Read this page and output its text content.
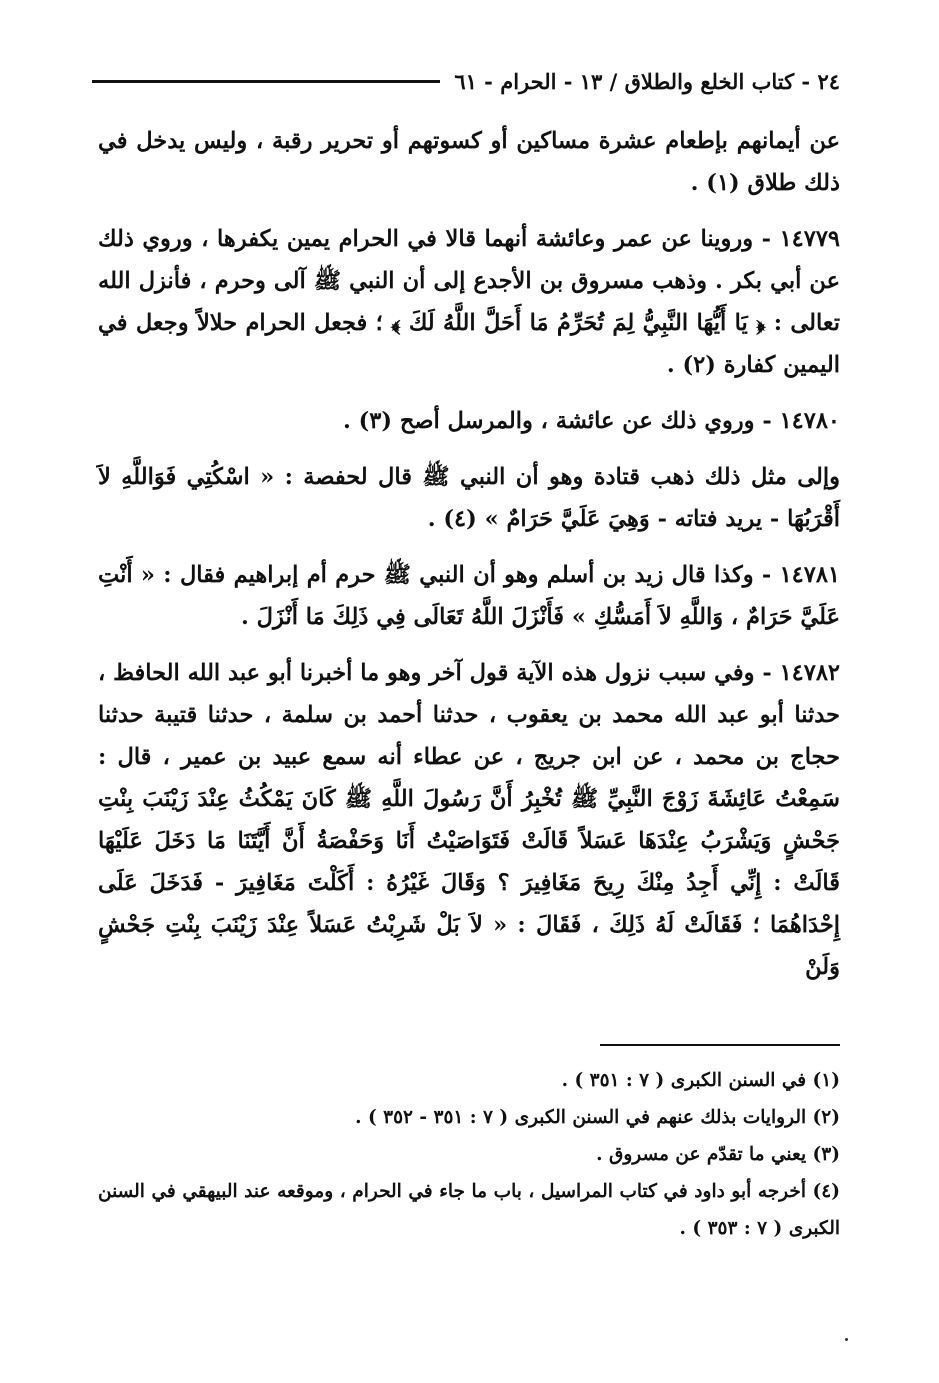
٢٤ - كتاب الخلع والطلاق / ١٣ - الحرام - ٦١

عن أيمانهم بإطعام عشرة مساكين أو كسوتهم أو تحرير رقبة ، وليس يدخل في ذلك طلاق (١) .

١٤٧٧٩ - وروينا عن عمر وعائشة أنهما قالا في الحرام يمين يكفرها ، وروي ذلك عن أبي بكر . وذهب مسروق بن الأجدع إلى أن النبي ﷺ آلى وحرم ، فأنزل الله تعالى : ﴿ يَا أَيُّهَا النَّبِيُّ لِمَ تُحَرِّمُ مَا أَحَلَّ اللَّهُ لَكَ ﴾ ؛ فجعل الحرام حلالاً وجعل في اليمين كفارة (٢) .

١٤٧٨٠ - وروي ذلك عن عائشة ، والمرسل أصح (٣) .

وإلى مثل ذلك ذهب قتادة وهو أن النبي ﷺ قال لحفصة : « اسْكُتِي فَوَاللَّهِ لاَ أَقْرَبُهَا - يريد فتاته - وَهِيَ عَلَيَّ حَرَامٌ » (٤) .

١٤٧٨١ - وكذا قال زيد بن أسلم وهو أن النبي ﷺ حرم أم إبراهيم فقال : « أَنْتِ عَلَيَّ حَرَامٌ ، وَاللَّهِ لاَ أَمَسُّكِ » فَأَنْزَلَ اللَّهُ تَعَالَى فِي ذَلِكَ مَا أَنْزَلَ .

١٤٧٨٢ - وفي سبب نزول هذه الآية قول آخر وهو ما أخبرنا أبو عبد الله الحافظ ، حدثنا أبو عبد الله محمد بن يعقوب ، حدثنا أحمد بن سلمة ، حدثنا قتيبة حدثنا حجاج بن محمد ، عن ابن جريج ، عن عطاء أنه سمع عبيد بن عمير ، قال : سَمِعْتُ عَائِشَةَ زَوْجَ النَّبِيِّ ﷺ تُخْبِرُ أَنَّ رَسُولَ اللَّهِ ﷺ كَانَ يَمْكُثُ عِنْدَ زَيْنَبَ بِنْتِ جَحْشٍ وَيَشْرَبُ عِنْدَهَا عَسَلاً قَالَتْ فَتَوَاصَيْتُ أَنَا وَحَفْصَةُ أَنَّ أَيَّتَنَا مَا دَخَلَ عَلَيْهَا قَالَتْ : إِنِّي أَجِدُ مِنْكَ رِيحَ مَغَافِيرَ ؟ وَقَالَ غَيْرُهُ : أَكَلْتَ مَغَافِيرَ - فَدَخَلَ عَلَى إِحْدَاهُمَا ؛ فَقَالَتْ لَهُ ذَلِكَ ، فَقَالَ : « لاَ بَلْ شَرِبْتُ عَسَلاً عِنْدَ زَيْنَبَ بِنْتِ جَحْشٍ وَلَنْ

(١) في السنن الكبرى ( ٧ : ٣٥١ ) .

(٢) الروايات بذلك عنهم في السنن الكبرى ( ٧ : ٣٥١ - ٣٥٢ ) .

(٣) يعني ما تقدّم عن مسروق .

(٤) أخرجه أبو داود في كتاب المراسيل ، باب ما جاء في الحرام ، وموقعه عند البيهقي في السنن الكبرى ( ٧ : ٣٥٣ ) .
